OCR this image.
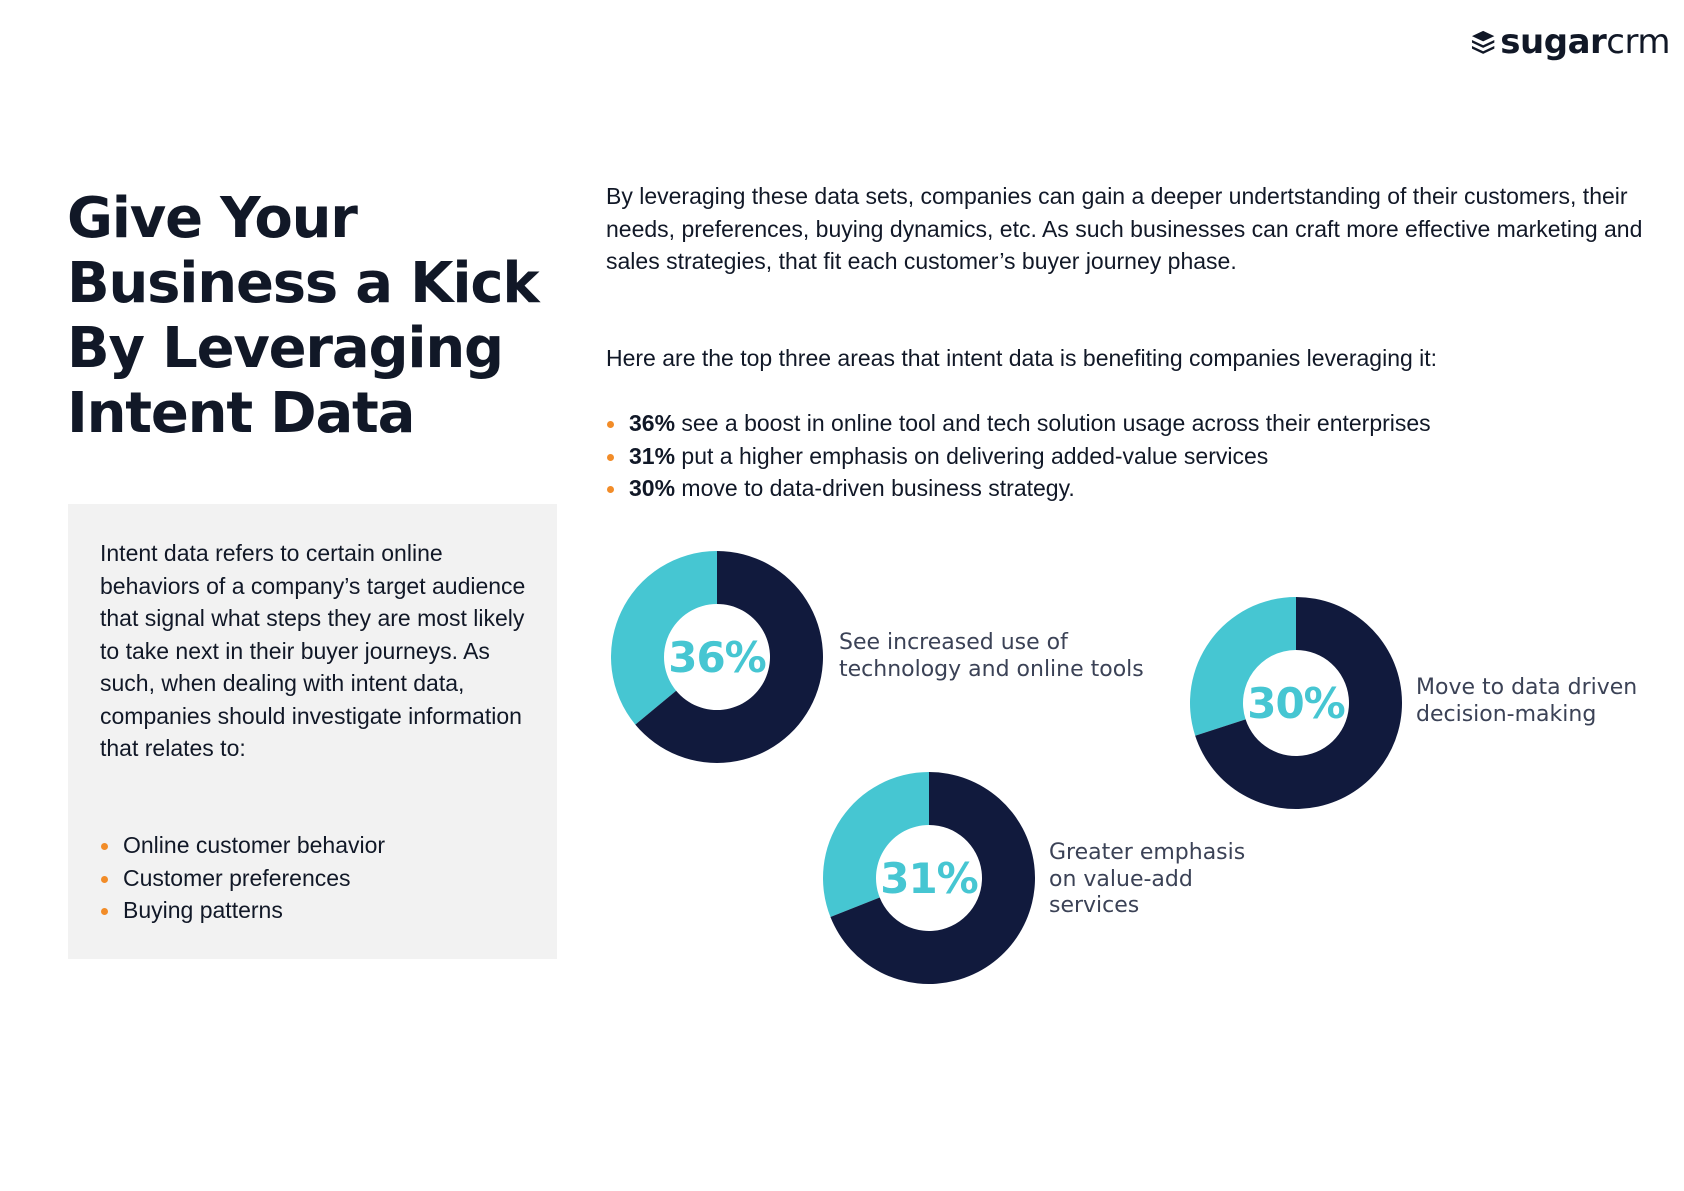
sugarcrm
Give Your
Business a Kick
By Leveraging
Intent Data

Intent data refers to certain online behaviors of a company’s target audience that signal what steps they are most likely to take next in their buyer journeys. As such, when dealing with intent data, companies should investigate information that relates to:

Online customer behavior
Customer preferences
Buying patterns

By leveraging these data sets, companies can gain a deeper undertstanding of their customers, their needs, preferences, buying dynamics, etc. As such businesses can craft more effective marketing and sales strategies, that fit each customer’s buyer journey phase.

Here are the top three areas that intent data is benefiting companies leveraging it:

36% see a boost in online tool and tech solution usage across their enterprises
31% put a higher emphasis on delivering added-value services
30% move to data-driven business strategy.
36%	See increased use of
technology and online tools

31%

Greater emphasis
on value-add
services

30%	Move to data driven
decision-making
